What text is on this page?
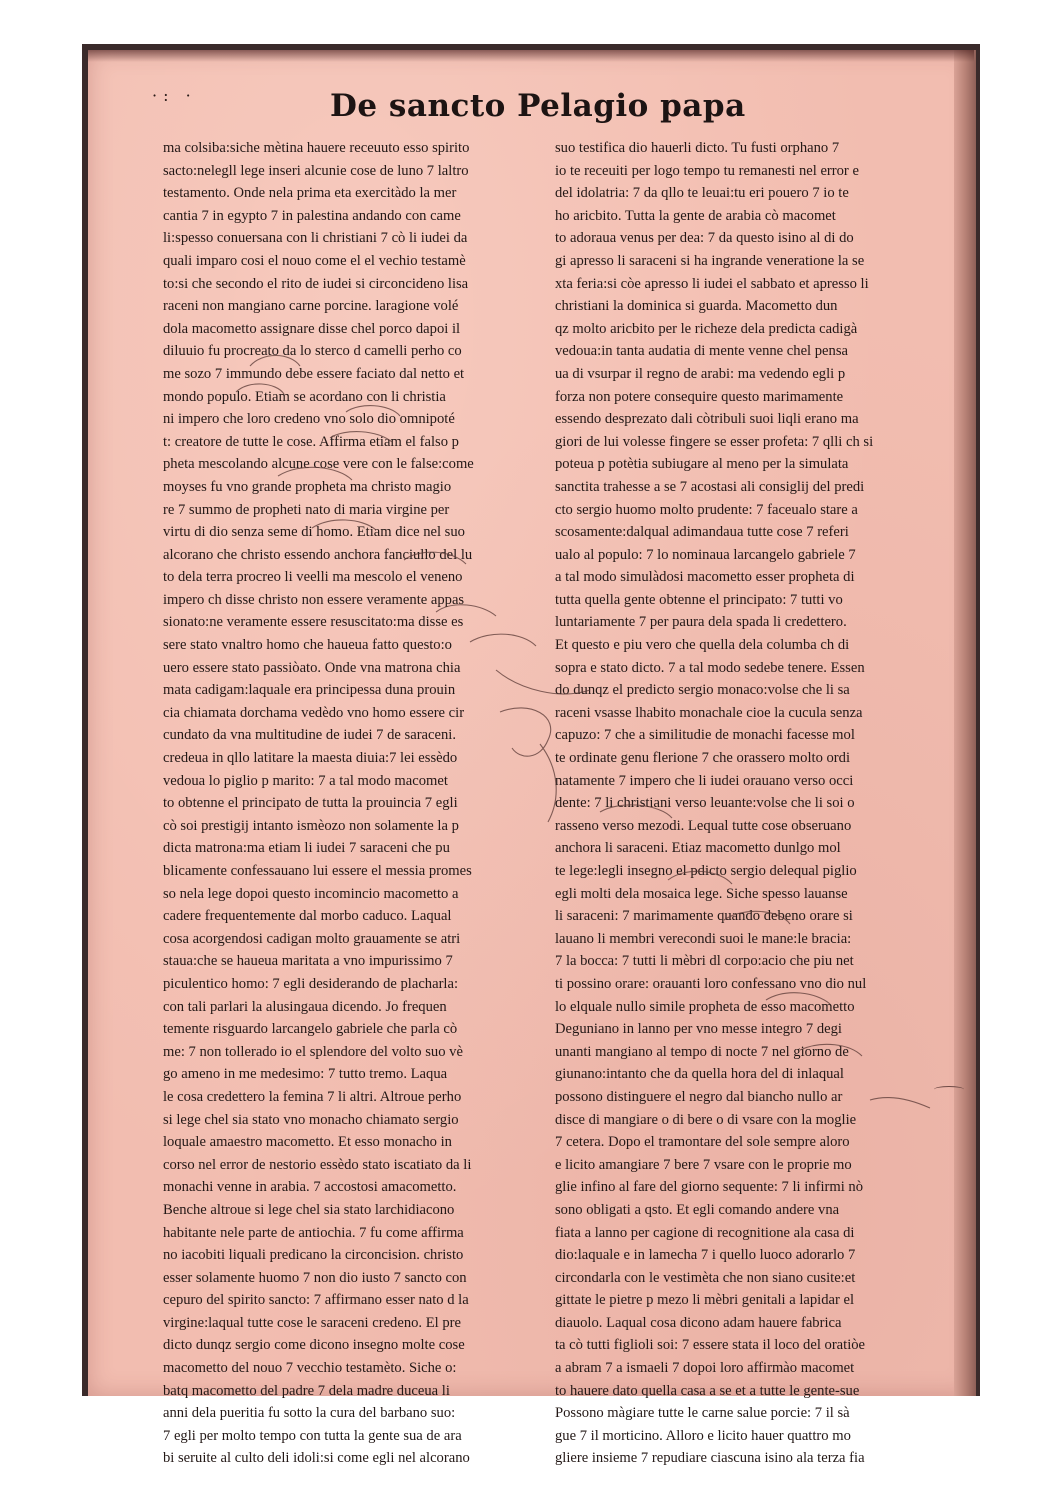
·: ·	De sancto Pelagio papa
ma colsiba:siche mètina hauere receuuto esso spirito
sacto:nelegll lege inseri alcunie cose de luno 7 laltro
testamento. Onde nela prima eta exercitàdo la mer
cantia 7 in egypto 7 in palestina andando con came
li:spesso conuersana con li christiani 7 cò li iudei da
quali imparo cosi el nouo come el el vechio testamè
to:si che secondo el rito de iudei si circoncideno lisa
raceni non mangiano carne porcine. laragione volé
dola macometto assignare disse chel porco dapoi il
diluuio fu procreato da lo sterco d camelli perho co
me sozo 7 immundo debe essere faciato dal netto et
mondo populo. Etiam se acordano con li christia
ni impero che loro credeno vno solo dio omnipoté
t: creatore de tutte le cose. Affirma etiam el falso p
pheta mescolando alcune cose vere con le false:come
moyses fu vno grande propheta ma christo magio
re 7 summo de propheti nato di maria virgine per
virtu di dio senza seme di homo. Etiam dice nel suo
alcorano che christo essendo anchora fanciullo del lu
to dela terra procreo li veelli ma mescolo el veneno
impero ch disse christo non essere veramente appas
sionato:ne veramente essere resuscitato:ma disse es
sere stato vnaltro homo che haueua fatto questo:o
uero essere stato passiòato. Onde vna matrona chia
mata cadigam:laquale era principessa duna prouin
cia chiamata dorchama vedèdo vno homo essere cir
cundato da vna multitudine de iudei 7 de saraceni.
credeua in qllo latitare la maesta diuia:7 lei essèdo
vedoua lo piglio p marito: 7 a tal modo macomet
to obtenne el principato de tutta la prouincia 7 egli
cò soi prestigij intanto ismèozo non solamente la p
dicta matrona:ma etiam li iudei 7 saraceni che pu
blicamente confessauano lui essere el messia promes
so nela lege dopoi questo incomincio macometto a
cadere frequentemente dal morbo caduco. Laqual
cosa acorgendosi cadigan molto grauamente se atri
staua:che se haueua maritata a vno impurissimo 7
piculentico homo: 7 egli desiderando de placharla:
con tali parlari la alusingaua dicendo. Jo frequen
temente risguardo larcangelo gabriele che parla cò
me: 7 non tollerado io el splendore del volto suo vè
go ameno in me medesimo: 7 tutto tremo. Laqua
le cosa credettero la femina 7 li altri. Altroue perho
si lege chel sia stato vno monacho chiamato sergio
loquale amaestro macometto. Et esso monacho in
corso nel error de nestorio essèdo stato iscatiato da li
monachi venne in arabia. 7 accostosi amacometto.
Benche altroue si lege chel sia stato larchidiacono
habitante nele parte de antiochia. 7 fu come affirma
no iacobiti liquali predicano la circoncision. christo
esser solamente huomo 7 non dio iusto 7 sancto con
cepuro del spirito sancto: 7 affirmano esser nato d la
virgine:laqual tutte cose le saraceni credeno. El pre
dicto dunqz sergio come dicono insegno molte cose
macometto del nouo 7 vecchio testamèto. Siche o:
batq macometto del padre 7 dela madre duceua li
anni dela pueritia fu sotto la cura del barbano suo:
7 egli per molto tempo con tutta la gente sua de ara
bi seruite al culto deli idoli:si come egli nel alcorano
suo testifica dio hauerli dicto. Tu fusti orphano 7
io te receuiti per logo tempo tu remanesti nel error e
del idolatria: 7 da qllo te leuai:tu eri pouero 7 io te
ho aricbito. Tutta la gente de arabia cò macomet
to adoraua venus per dea: 7 da questo isino al di do
gi apresso li saraceni si ha ingrande veneratione la se
xta feria:si còe apresso li iudei el sabbato et apresso li
christiani la dominica si guarda. Macometto dun
qz molto aricbito per le richeze dela predicta cadigà
vedoua:in tanta audatia di mente venne chel pensa
ua di vsurpar il regno de arabi: ma vedendo egli p
forza non potere consequire questo marimamente
essendo desprezato dali còtribuli suoi liqli erano ma
giori de lui volesse fingere se esser profeta: 7 qlli ch si
poteua p potètia subiugare al meno per la simulata
sanctita trahesse a se 7 acostasi ali consiglij del predi
cto sergio huomo molto prudente: 7 faceualo stare a
scosamente:dalqual adimandaua tutte cose 7 referi
ualo al populo: 7 lo nominaua larcangelo gabriele 7
a tal modo simulàdosi macometto esser propheta di
tutta quella gente obtenne el principato: 7 tutti vo
luntariamente 7 per paura dela spada li credettero.
Et questo e piu vero che quella dela columba ch di
sopra e stato dicto. 7 a tal modo sedebe tenere. Essen
do dunqz el predicto sergio monaco:volse che li sa
raceni vsasse lhabito monachale cioe la cucula senza
capuzo: 7 che a similitudie de monachi facesse mol
te ordinate genu flerione 7 che orassero molto ordi
natamente 7 impero che li iudei orauano verso occi
dente: 7 li christiani verso leuante:volse che li soi o
rasseno verso mezodi. Lequal tutte cose obseruano
anchora li saraceni. Etiaz macometto dunlgo mol
te lege:legli insegno el pdicto sergio delequal piglio
egli molti dela mosaica lege. Siche spesso lauanse
li saraceni: 7 marimamente quando debeno orare si
lauano li membri verecondi suoi le mane:le bracia:
7 la bocca: 7 tutti li mèbri dl corpo:acio che piu net
ti possino orare: orauanti loro confessano vno dio nul
lo elquale nullo simile propheta de esso macometto
Deguniano in lanno per vno messe integro 7 degi
unanti mangiano al tempo di nocte 7 nel giorno de
giunano:intanto che da quella hora del di inlaqual
possono distinguere el negro dal biancho nullo ar
disce di mangiare o di bere o di vsare con la moglie
7 cetera. Dopo el tramontare del sole sempre aloro
e licito amangiare 7 bere 7 vsare con le proprie mo
glie infino al fare del giorno sequente: 7 li infirmi nò
sono obligati a qsto. Et egli comando andere vna
fiata a lanno per cagione di recognitione ala casa di
dio:laquale e in lamecha 7 i quello luoco adorarlo 7
circondarla con le vestimèta che non siano cusite:et
gittate le pietre p mezo li mèbri genitali a lapidar el
diauolo. Laqual cosa dicono adam hauere fabrica
ta cò tutti figlioli soi: 7 essere stata il loco del oratiòe
a abram 7 a ismaeli 7 dopoi loro affirmào macomet
to hauere dato quella casa a se et a tutte le gente-sue
Possono màgiare tutte le carne salue porcie: 7 il sà
gue 7 il morticino. Alloro e licito hauer quattro mo
gliere insieme 7 repudiare ciascuna isino ala terza fia
